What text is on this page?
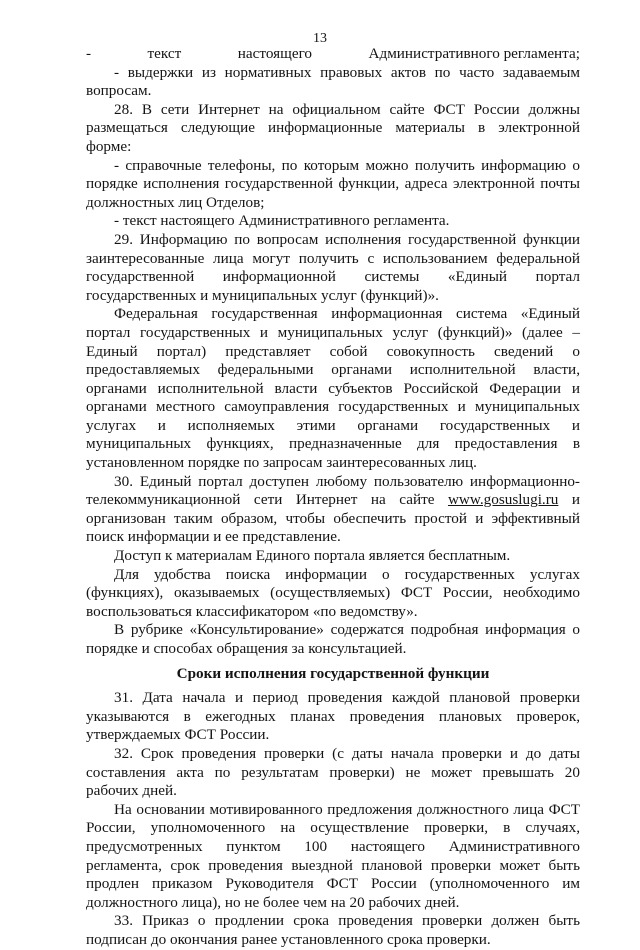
13
-	текст	настоящего	Административного регламента;

- выдержки из нормативных правовых актов по часто задаваемым вопросам.

28. В сети Интернет на официальном сайте ФСТ России должны размещаться следующие информационные материалы в электронной форме:

- справочные телефоны, по которым можно получить информацию о порядке исполнения государственной функции, адреса электронной почты должностных лиц Отделов;

- текст настоящего Административного регламента.

29. Информацию по вопросам исполнения государственной функции заинтересованные лица могут получить с использованием федеральной государственной информационной системы «Единый портал государственных и муниципальных услуг (функций)».

Федеральная государственная информационная система «Единый портал государственных и муниципальных услуг (функций)» (далее – Единый портал) представляет собой совокупность сведений о предоставляемых федеральными органами исполнительной власти, органами исполнительной власти субъектов Российской Федерации и органами местного самоуправления государственных и муниципальных услугах и исполняемых этими органами государственных и муниципальных функциях, предназначенные для предоставления в установленном порядке по запросам заинтересованных лиц.

30. Единый портал доступен любому пользователю информационно-телекоммуникационной сети Интернет на сайте www.gosuslugi.ru и организован таким образом, чтобы обеспечить простой и эффективный поиск информации и ее представление.

Доступ к материалам Единого портала является бесплатным.

Для удобства поиска информации о государственных услугах (функциях), оказываемых (осуществляемых) ФСТ России, необходимо воспользоваться классификатором «по ведомству».

В рубрике «Консультирование» содержатся подробная информация о порядке и способах обращения за консультацией.

Сроки исполнения государственной функции

31. Дата начала и период проведения каждой плановой проверки указываются в ежегодных планах проведения плановых проверок, утверждаемых ФСТ России.

32. Срок проведения проверки (с даты начала проверки и до даты составления акта по результатам проверки) не может превышать 20 рабочих дней.

На основании мотивированного предложения должностного лица ФСТ России, уполномоченного на осуществление проверки, в случаях, предусмотренных пунктом 100 настоящего Административного регламента, срок проведения выездной плановой проверки может быть продлен приказом Руководителя ФСТ России (уполномоченного им должностного лица), но не более чем на 20 рабочих дней.

33. Приказ о продлении срока проведения проверки должен быть подписан до окончания ранее установленного срока проверки.
